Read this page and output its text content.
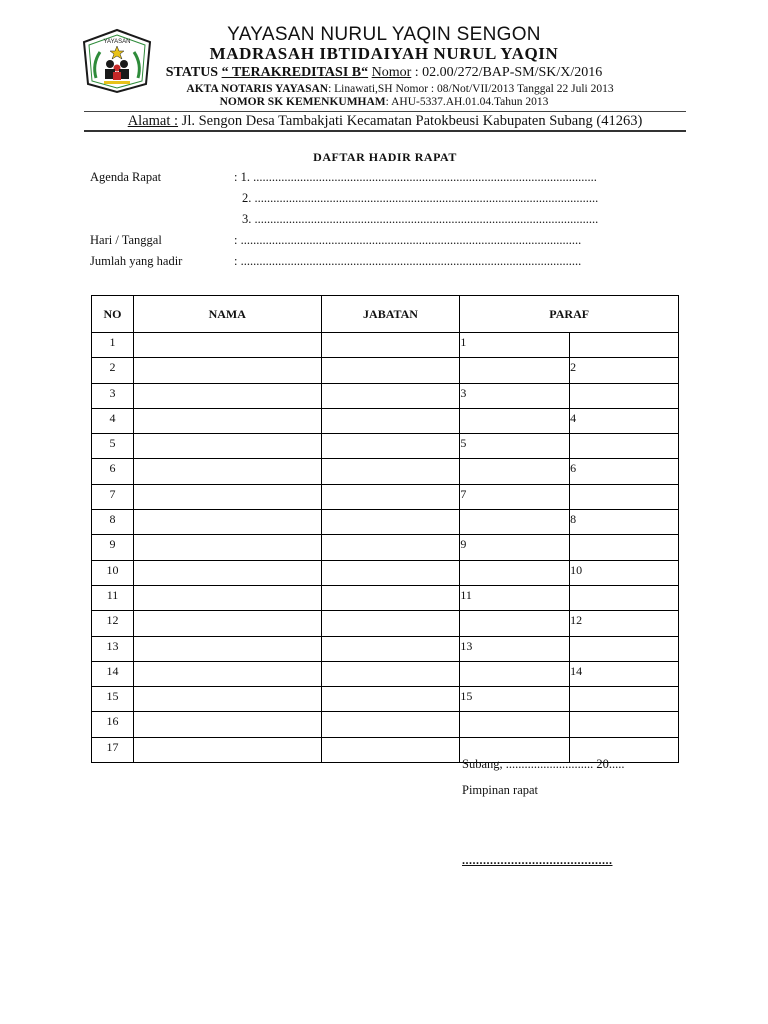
YAYASAN	YAYASAN NURUL YAQIN SENGON
MADRASAH IBTIDAIYAH NURUL YAQIN
STATUS “ TERAKREDITASI B“ Nomor : 02.00/272/BAP-SM/SK/X/2016
AKTA NOTARIS YAYASAN: Linawati,SH Nomor : 08/Not/VII/2013 Tanggal 22 Juli 2013
NOMOR SK KEMENKUMHAM: AHU-5337.AH.01.04.Tahun 2013
Alamat : Jl. Sengon Desa Tambakjati Kecamatan Patokbeusi Kabupaten Subang (41263)
DAFTAR HADIR RAPAT
Agenda Rapat	: 1. ..............................................................................................................
2. ..............................................................................................................
3. ..............................................................................................................
Hari / Tanggal	: .............................................................................................................
Jumlah yang hadir	: .............................................................................................................
NO	NAMA	JABATAN	PARAF	
1			1	
2				2
3			3	
4				4
5			5	
6				6
7			7	
8				8
9			9	
10				10
11			11	
12				12
13			13	
14				14
15			15	
16				
17				
Subang, ............................ 20.....
Pimpinan rapat
...........................................
